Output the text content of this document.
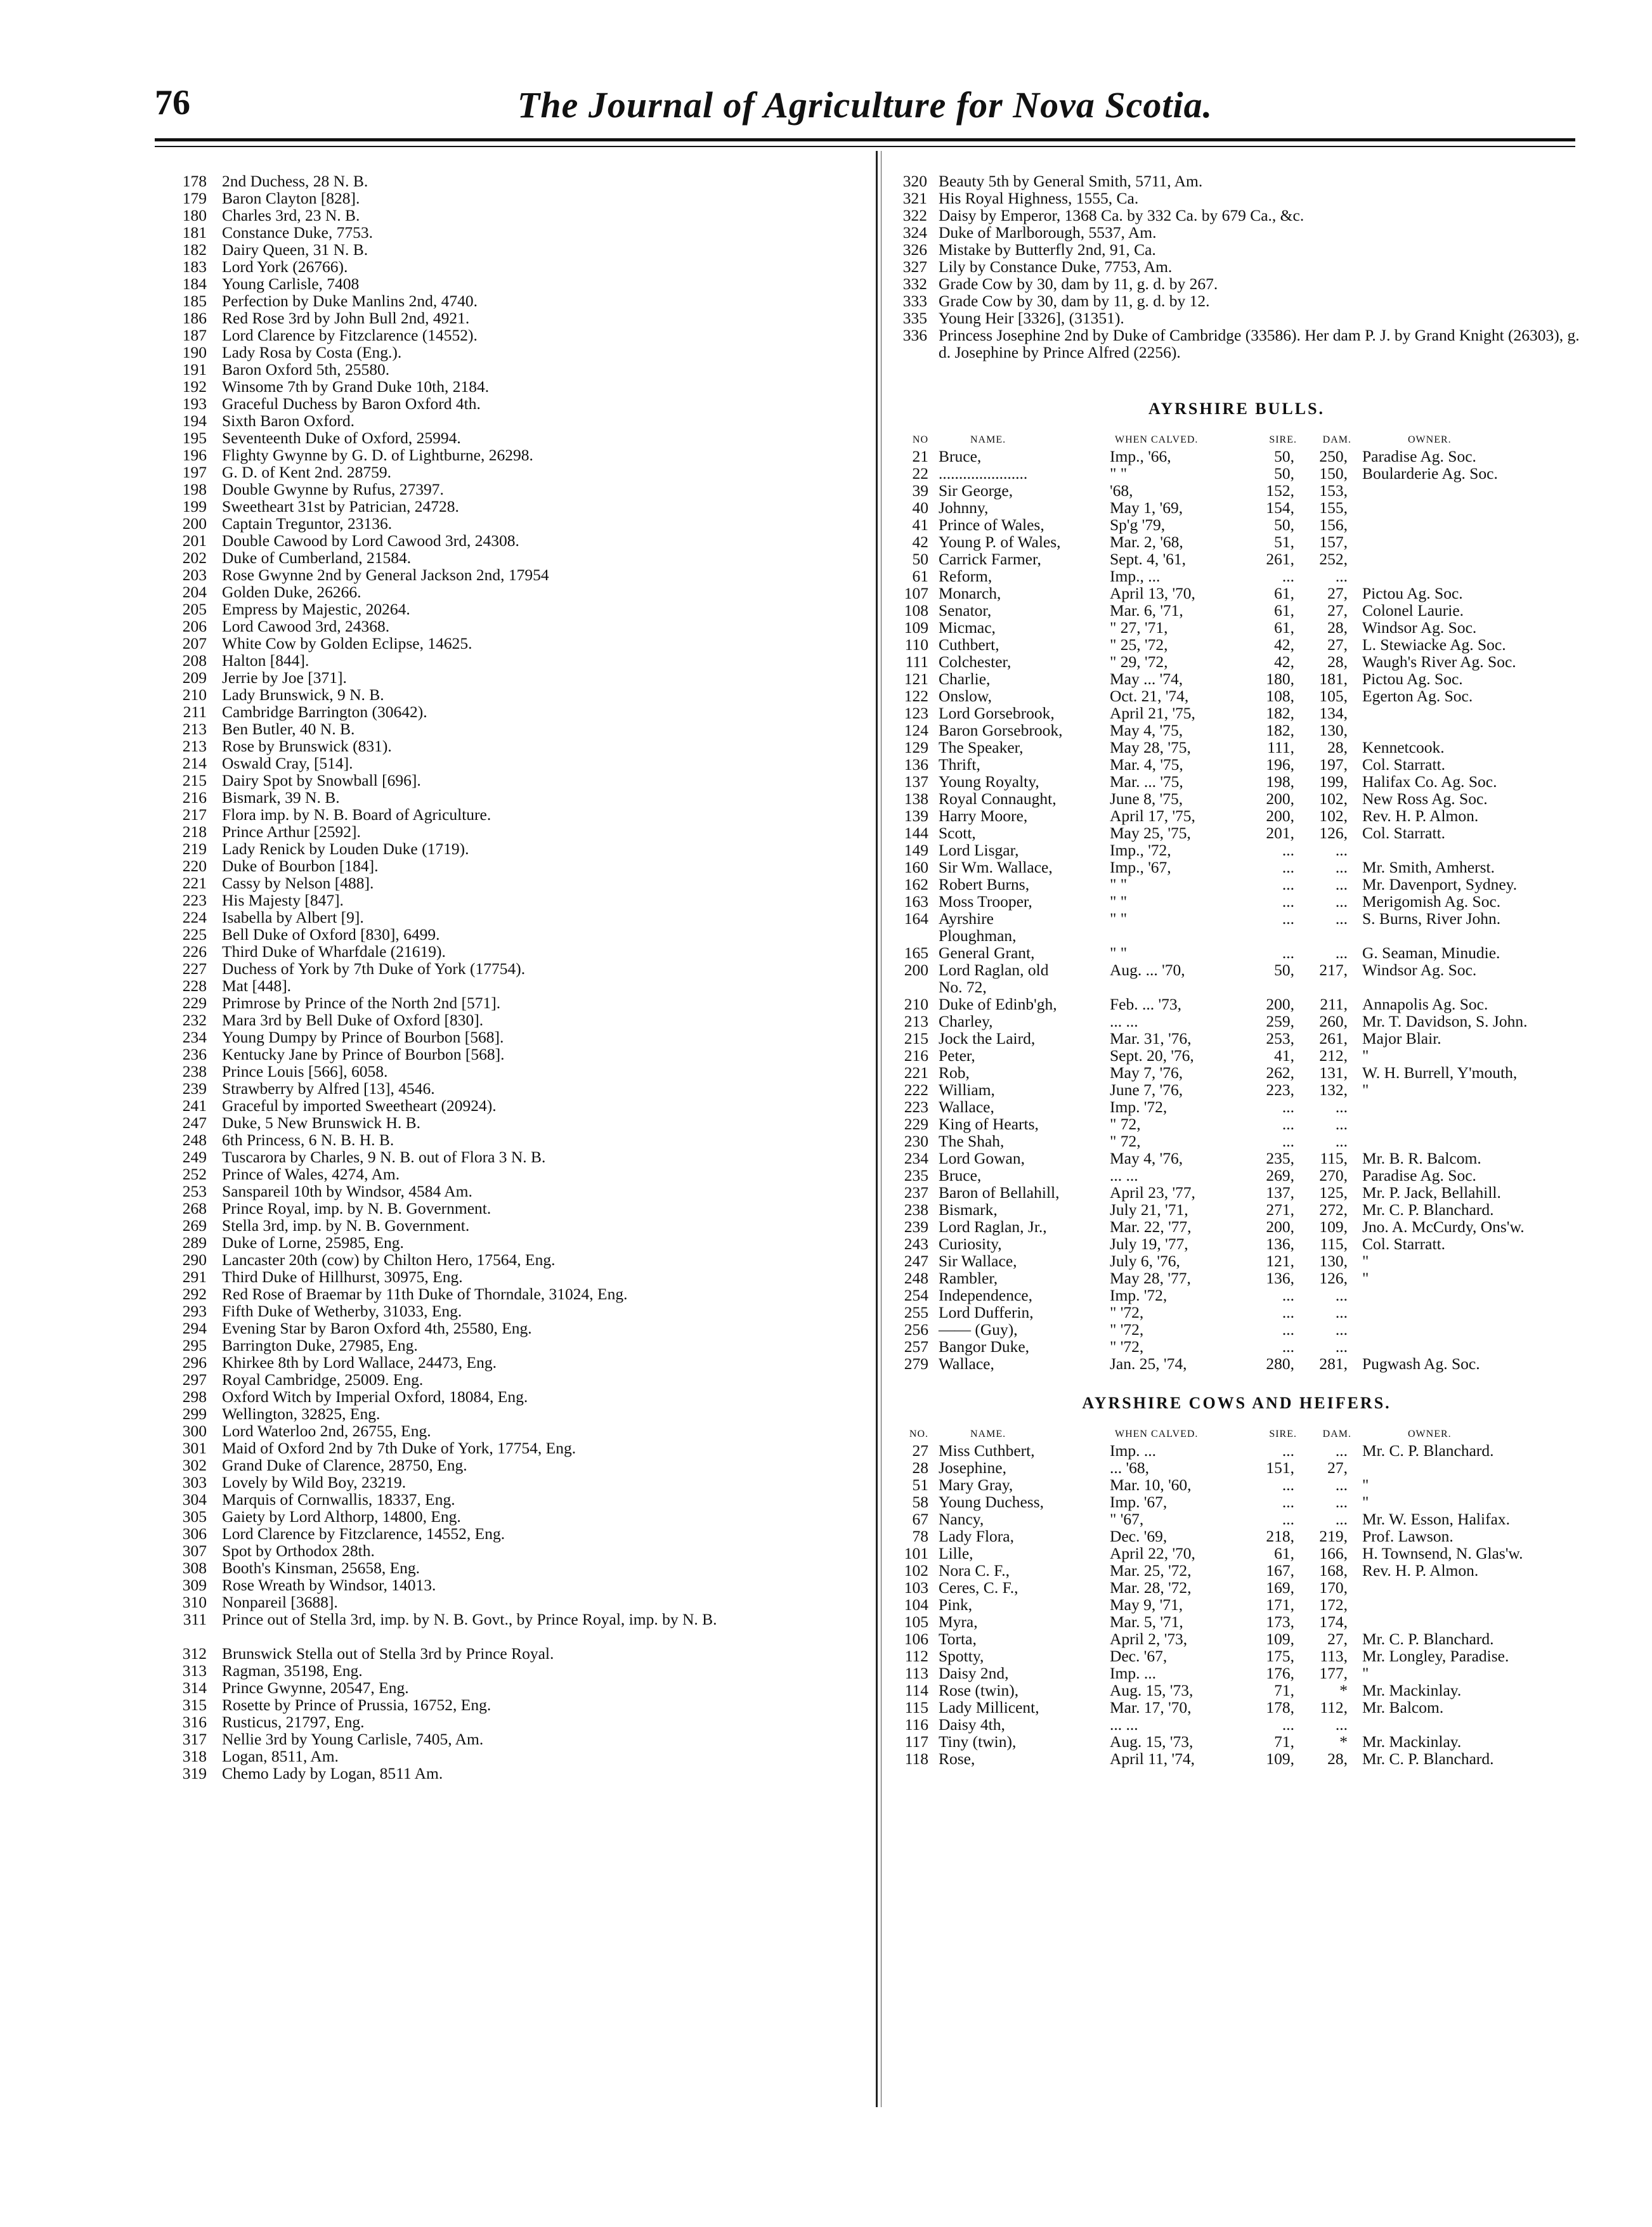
76	The Journal of Agriculture for Nova Scotia.
178 2nd Duchess, 28 N. B.
179 Baron Clayton [828].
180 Charles 3rd, 23 N. B.
181 Constance Duke, 7753.
182 Dairy Queen, 31 N. B.
183 Lord York (26766).
184 Young Carlisle, 7408
185 Perfection by Duke Manlins 2nd, 4740.
186 Red Rose 3rd by John Bull 2nd, 4921.
187 Lord Clarence by Fitzclarence (14552).
190 Lady Rosa by Costa (Eng.).
191 Baron Oxford 5th, 25580.
192 Winsome 7th by Grand Duke 10th, 2184.
193 Graceful Duchess by Baron Oxford 4th.
194 Sixth Baron Oxford.
195 Seventeenth Duke of Oxford, 25994.
196 Flighty Gwynne by G. D. of Lightburne, 26298.
197 G. D. of Kent 2nd. 28759.
198 Double Gwynne by Rufus, 27397.
199 Sweetheart 31st by Patrician, 24728.
200 Captain Treguntor, 23136.
201 Double Cawood by Lord Cawood 3rd, 24308.
202 Duke of Cumberland, 21584.
203 Rose Gwynne 2nd by General Jackson 2nd, 17954
204 Golden Duke, 26266.
205 Empress by Majestic, 20264.
206 Lord Cawood 3rd, 24368.
207 White Cow by Golden Eclipse, 14625.
208 Halton [844].
209 Jerrie by Joe [371].
210 Lady Brunswick, 9 N. B.
211 Cambridge Barrington (30642).
213 Ben Butler, 40 N. B.
213 Rose by Brunswick (831).
214 Oswald Cray, [514].
215 Dairy Spot by Snowball [696].
216 Bismark, 39 N. B.
217 Flora imp. by N. B. Board of Agriculture.
218 Prince Arthur [2592].
219 Lady Renick by Louden Duke (1719).
220 Duke of Bourbon [184].
221 Cassy by Nelson [488].
223 His Majesty [847].
224 Isabella by Albert [9].
225 Bell Duke of Oxford [830], 6499.
226 Third Duke of Wharfdale (21619).
227 Duchess of York by 7th Duke of York (17754).
228 Mat [448].
229 Primrose by Prince of the North 2nd [571].
232 Mara 3rd by Bell Duke of Oxford [830].
234 Young Dumpy by Prince of Bourbon [568].
236 Kentucky Jane by Prince of Bourbon [568].
238 Prince Louis [566], 6058.
239 Strawberry by Alfred [13], 4546.
241 Graceful by imported Sweetheart (20924).
247 Duke, 5 New Brunswick H. B.
248 6th Princess, 6 N. B. H. B.
249 Tuscarora by Charles, 9 N. B. out of Flora 3 N. B.
252 Prince of Wales, 4274, Am.
253 Sanspareil 10th by Windsor, 4584 Am.
268 Prince Royal, imp. by N. B. Government.
269 Stella 3rd, imp. by N. B. Government.
289 Duke of Lorne, 25985, Eng.
290 Lancaster 20th (cow) by Chilton Hero, 17564, Eng.
291 Third Duke of Hillhurst, 30975, Eng.
292 Red Rose of Braemar by 11th Duke of Thorndale, 31024, Eng.
293 Fifth Duke of Wetherby, 31033, Eng.
294 Evening Star by Baron Oxford 4th, 25580, Eng.
295 Barrington Duke, 27985, Eng.
296 Khirkee 8th by Lord Wallace, 24473, Eng.
297 Royal Cambridge, 25009. Eng.
298 Oxford Witch by Imperial Oxford, 18084, Eng.
299 Wellington, 32825, Eng.
300 Lord Waterloo 2nd, 26755, Eng.
301 Maid of Oxford 2nd by 7th Duke of York, 17754, Eng.
302 Grand Duke of Clarence, 28750, Eng.
303 Lovely by Wild Boy, 23219.
304 Marquis of Cornwallis, 18337, Eng.
305 Gaiety by Lord Althorp, 14800, Eng.
306 Lord Clarence by Fitzclarence, 14552, Eng.
307 Spot by Orthodox 28th.
308 Booth's Kinsman, 25658, Eng.
309 Rose Wreath by Windsor, 14013.
310 Nonpareil [3688].
311 Prince out of Stella 3rd, imp. by N. B. Govt., by Prince Royal, imp. by N. B.
312 Brunswick Stella out of Stella 3rd by Prince Royal.
313 Ragman, 35198, Eng.
314 Prince Gwynne, 20547, Eng.
315 Rosette by Prince of Prussia, 16752, Eng.
316 Rusticus, 21797, Eng.
317 Nellie 3rd by Young Carlisle, 7405, Am.
318 Logan, 8511, Am.
319 Chemo Lady by Logan, 8511 Am.
320 Beauty 5th by General Smith, 5711, Am.
321 His Royal Highness, 1555, Ca.
322 Daisy by Emperor, 1368 Ca. by 332 Ca. by 679 Ca., &c.
324 Duke of Marlborough, 5537, Am.
326 Mistake by Butterfly 2nd, 91, Ca.
327 Lily by Constance Duke, 7753, Am.
332 Grade Cow by 30, dam by 11, g. d. by 267.
333 Grade Cow by 30, dam by 11, g. d. by 12.
335 Young Heir [3326], (31351).
336 Princess Josephine 2nd by Duke of Cambridge (33586). Her dam P. J. by Grand Knight (26303), g. d. Josephine by Prince Alfred (2256).
AYRSHIRE BULLS.
NO	NAME.	WHEN CALVED.	SIRE.	DAM.	OWNER.
21 Bruce,	Imp., '66,	50,	250, Paradise Ag. Soc.
22 ......................	" "	50,	150, Boularderie Ag. Soc.
39 Sir George,	'68,	152,	153,
40 Johnny,	May 1, '69,	154,	155,
41 Prince of Wales,	Sp'g '79,	50,	156,
42 Young P. of Wales,	Mar. 2, '68,	51,	157,
50 Carrick Farmer,	Sept. 4, '61,	261,	252,
61 Reform,	Imp., ...	...	...
107 Monarch,	April 13, '70,	61,	27, Pictou Ag. Soc.
108 Senator,	Mar. 6, '71,	61,	27, Colonel Laurie.
109 Micmac,	" 27, '71,	61,	28, Windsor Ag. Soc.
110 Cuthbert,	" 25, '72,	42,	27, L. Stewiacke Ag. Soc.
111 Colchester,	" 29, '72,	42,	28, Waugh's River Ag. Soc.
121 Charlie,	May ... '74,	180,	181, Pictou Ag. Soc.
122 Onslow,	Oct. 21, '74,	108,	105, Egerton Ag. Soc.
123 Lord Gorsebrook,	April 21, '75,	182,	134,
124 Baron Gorsebrook,	May 4, '75,	182,	130,
129 The Speaker,	May 28, '75,	111,	28, Kennetcook.
136 Thrift,	Mar. 4, '75,	196,	197, Col. Starratt.
137 Young Royalty,	Mar. ... '75,	198,	199, Halifax Co. Ag. Soc.
138 Royal Connaught,	June 8, '75,	200,	102, New Ross Ag. Soc.
139 Harry Moore,	April 17, '75,	200,	102, Rev. H. P. Almon.
144 Scott,	May 25, '75,	201,	126, Col. Starratt.
149 Lord Lisgar,	Imp., '72,	...	...
160 Sir Wm. Wallace,	Imp., '67,	...	... Mr. Smith, Amherst.
162 Robert Burns,	" "	...	... Mr. Davenport, Sydney.
163 Moss Trooper,	" "	...	... Merigomish Ag. Soc.
164 Ayrshire Ploughman,
" "	...	... S. Burns, River John.
165 General Grant,	" "	...	... G. Seaman, Minudie.
200 Lord Raglan, old No. 72,
Aug. ... '70,	50,	217, Windsor Ag. Soc.
210 Duke of Edinb'gh,	Feb. ... '73,	200,	211, Annapolis Ag. Soc.
213 Charley,	... ...	259,	260, Mr. T. Davidson, S. John.
215 Jock the Laird,	Mar. 31, '76,	253,	261, Major Blair.
216 Peter,	Sept. 20, '76,	41,	212, "
221 Rob,	May 7, '76,	262,	131, W. H. Burrell, Y'mouth,
222 William,	June 7, '76,	223,	132, "
223 Wallace,	Imp. '72,	...	...
229 King of Hearts,	" 72,	...	...
230 The Shah,	" 72,	...	...
234 Lord Gowan,	May 4, '76,	235,	115, Mr. B. R. Balcom.
235 Bruce,	... ...	269,	270, Paradise Ag. Soc.
237 Baron of Bellahill,	April 23, '77,	137,	125, Mr. P. Jack, Bellahill.
238 Bismark,	July 21, '71,	271,	272, Mr. C. P. Blanchard.
239 Lord Raglan, Jr.,	Mar. 22, '77,	200,	109, Jno. A. McCurdy, Ons'w.
243 Curiosity,	July 19, '77,	136,	115, Col. Starratt.
247 Sir Wallace,	July 6, '76,	121,	130, "
248 Rambler,	May 28, '77,	136,	126, "
254 Independence,	Imp. '72,	...	...
255 Lord Dufferin,	" '72,	...	...
256 —— (Guy),	" '72,	...	...
257 Bangor Duke,	" '72,	...	...
279 Wallace,	Jan. 25, '74,	280,	281, Pugwash Ag. Soc.
AYRSHIRE COWS AND HEIFERS.
NO.	NAME.	WHEN CALVED.	SIRE.	DAM.	OWNER.
27 Miss Cuthbert,	Imp. ...	...	... Mr. C. P. Blanchard.
28 Josephine,	... '68,	151,	27,
51 Mary Gray,	Mar. 10, '60,	...	... "
58 Young Duchess,	Imp. '67,	...	... "
67 Nancy,	" '67,	...	... Mr. W. Esson, Halifax.
78 Lady Flora,	Dec. '69,	218,	219, Prof. Lawson.
101 Lille,	April 22, '70,	61,	166, H. Townsend, N. Glas'w.
102 Nora C. F.,	Mar. 25, '72,	167,	168, Rev. H. P. Almon.
103 Ceres, C. F.,	Mar. 28, '72,	169,	170,
104 Pink,	May 9, '71,	171,	172,
105 Myra,	Mar. 5, '71,	173,	174,
106 Torta,	April 2, '73,	109,	27, Mr. C. P. Blanchard.
112 Spotty,	Dec. '67,	175,	113, Mr. Longley, Paradise.
113 Daisy 2nd,	Imp. ...	176,	177, "
114 Rose (twin),	Aug. 15, '73,	71,	* Mr. Mackinlay.
115 Lady Millicent,	Mar. 17, '70,	178,	112, Mr. Balcom.
116 Daisy 4th,	... ...	...	...
117 Tiny (twin),	Aug. 15, '73,	71,	* Mr. Mackinlay.
118 Rose,	April 11, '74,	109,	28, Mr. C. P. Blanchard.
